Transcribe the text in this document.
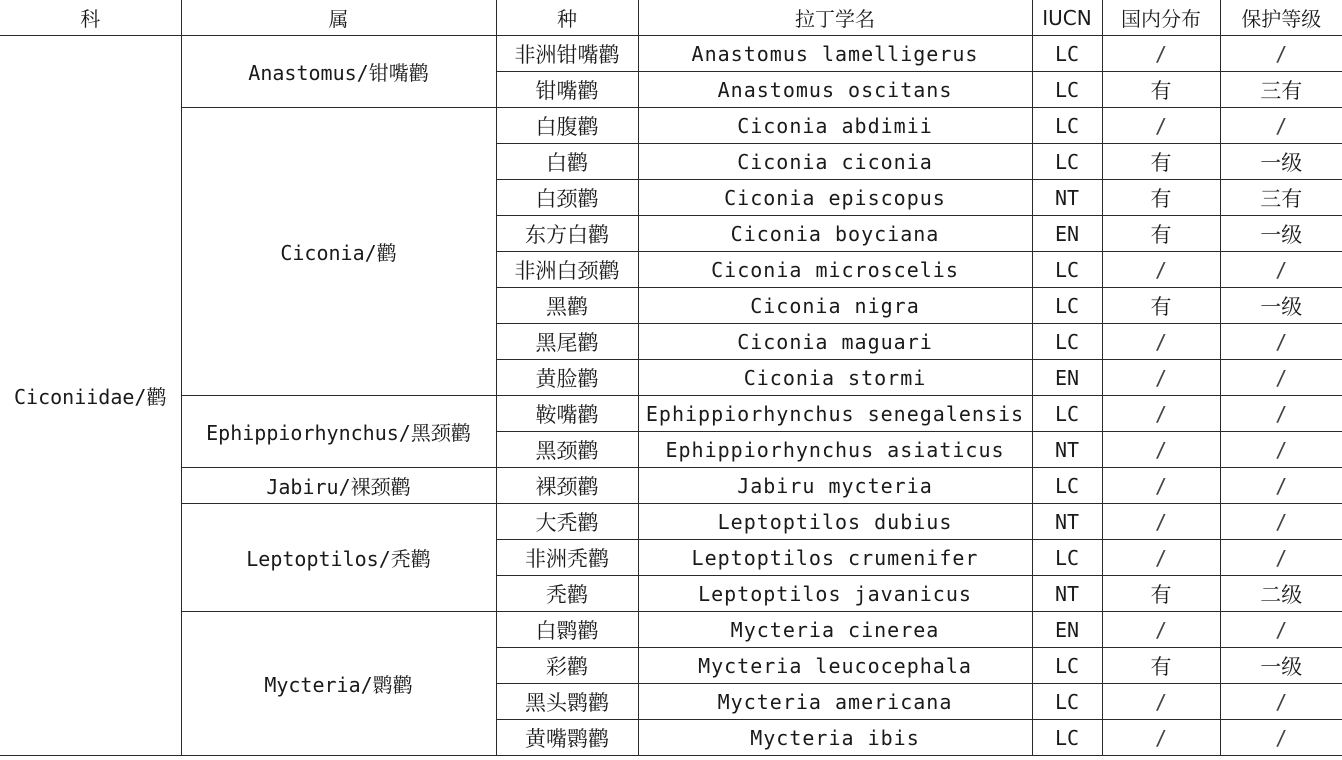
科	属	种	拉丁学名	IUCN	国内分布	保护等级
Ciconiidae/鹳	Anastomus/钳嘴鹳	非洲钳嘴鹳	Anastomus lamelligerus	LC	/	/
		钳嘴鹳	Anastomus oscitans	LC	有	三有
	Ciconia/鹳	白腹鹳	Ciconia abdimii	LC	/	/
		白鹳	Ciconia ciconia	LC	有	一级
		白颈鹳	Ciconia episcopus	NT	有	三有
		东方白鹳	Ciconia boyciana	EN	有	一级
		非洲白颈鹳	Ciconia microscelis	LC	/	/
		黑鹳	Ciconia nigra	LC	有	一级
		黑尾鹳	Ciconia maguari	LC	/	/
		黄脸鹳	Ciconia stormi	EN	/	/
	Ephippiorhynchus/黑颈鹳	鞍嘴鹳	Ephippiorhynchus senegalensis	LC	/	/
		黑颈鹳	Ephippiorhynchus asiaticus	NT	/	/
	Jabiru/裸颈鹳	裸颈鹳	Jabiru mycteria	LC	/	/
	Leptoptilos/秃鹳	大秃鹳	Leptoptilos dubius	NT	/	/
		非洲秃鹳	Leptoptilos crumenifer	LC	/	/
		秃鹳	Leptoptilos javanicus	NT	有	二级
	Mycteria/鹮鹳	白鹮鹳	Mycteria cinerea	EN	/	/
		彩鹳	Mycteria leucocephala	LC	有	一级
		黑头鹮鹳	Mycteria americana	LC	/	/
		黄嘴鹮鹳	Mycteria ibis	LC	/	/
